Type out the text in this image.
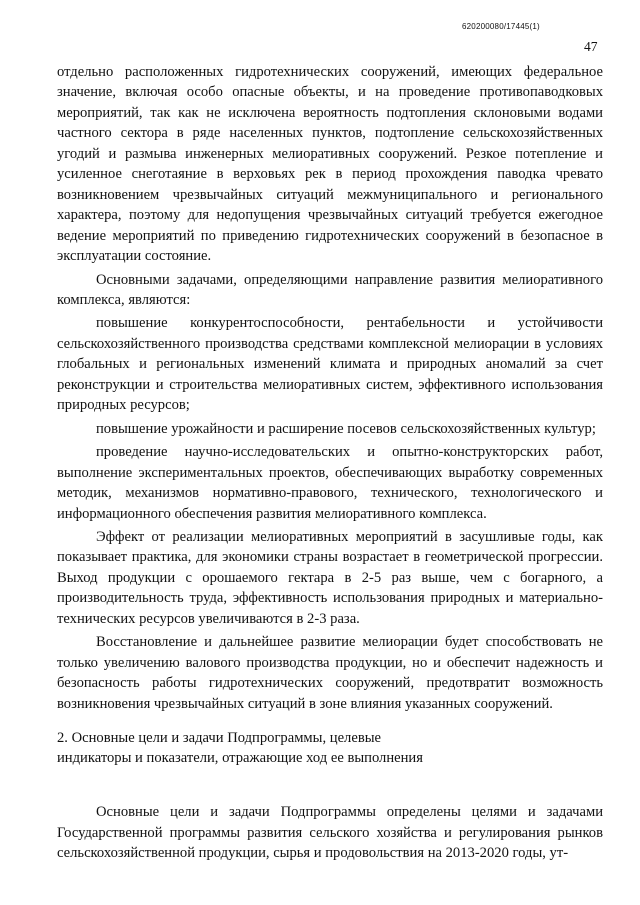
620200080/17445(1)
47

отдельно расположенных гидротехнических сооружений, имеющих федеральное значение, включая особо опасные объекты, и на проведение противопаводковых мероприятий, так как не исключена вероятность подтопления склоновыми водами частного сектора в ряде населенных пунктов, подтопление сельскохозяйственных угодий и размыва инженерных мелиоративных сооружений. Резкое потепление и усиленное снеготаяние в верховьях рек в период прохождения паводка чревато возникновением чрезвычайных ситуаций межмуниципального и регионального характера, поэтому для недопущения чрезвычайных ситуаций требуется ежегодное ведение мероприятий по приведению гидротехнических сооружений в безопасное в эксплуатации состояние.

Основными задачами, определяющими направление развития мелиоративного комплекса, являются:

повышение конкурентоспособности, рентабельности и устойчивости сельскохозяйственного производства средствами комплексной мелиорации в условиях глобальных и региональных изменений климата и природных аномалий за счет реконструкции и строительства мелиоративных систем, эффективного использования природных ресурсов;

повышение урожайности и расширение посевов сельскохозяйственных культур;

проведение научно-исследовательских и опытно-конструкторских работ, выполнение экспериментальных проектов, обеспечивающих выработку современных методик, механизмов нормативно-правового, технического, технологического и информационного обеспечения развития мелиоративного комплекса.

Эффект от реализации мелиоративных мероприятий в засушливые годы, как показывает практика, для экономики страны возрастает в геометрической прогрессии. Выход продукции с орошаемого гектара в 2-5 раз выше, чем с богарного, а производительность труда, эффективность использования природных и материально-технических ресурсов увеличиваются в 2-3 раза.

Восстановление и дальнейшее развитие мелиорации будет способствовать не только увеличению валового производства продукции, но и обеспечит надежность и безопасность работы гидротехнических сооружений, предотвратит возможность возникновения чрезвычайных ситуаций в зоне влияния указанных сооружений.

2. Основные цели и задачи Подпрограммы, целевые
индикаторы и показатели, отражающие ход ее выполнения

Основные цели и задачи Подпрограммы определены целями и задачами Государственной программы развития сельского хозяйства и регулирования рынков сельскохозяйственной продукции, сырья и продовольствия на 2013-2020 годы, ут-
